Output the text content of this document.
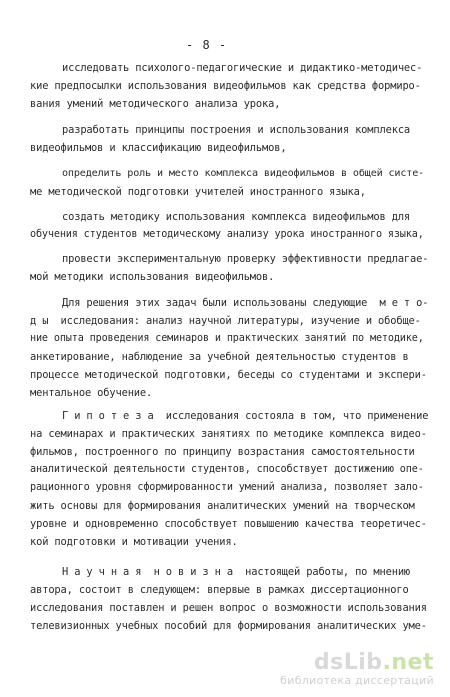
- 8 -
исследовать психолого-педагогические и дидактико-методичес-
кие предпосылки использования видеофильмов как средства формиро-
вания умений методического анализа урока,
разработать принципы построения и использования комплекса
видеофильмов и классификацию видеофильмов,
определить роль и место комплекса видеофильмов в общей систе-
ме методической подготовки учителей иностранного языка,
создать методику использования комплекса видеофильмов для
обучения студентов методическому анализу урока иностранного языка,
провести экспериментальную проверку эффективности предлагае-
мой методики использования видеофильмов.
Для решения этих задач были использованы следующие  м е т о-
д ы  исследования: анализ научной литературы, изучение и обобще-
ние опыта проведения семинаров и практических занятий по методике,
анкетирование, наблюдение за учебной деятельностью студентов в
процессе методической подготовки, беседы со студентами и экспери-
ментальное обучение.
Г и п о т е з а  исследования состояла в том, что применение
на семинарах и практических занятиях по методике комплекса видео-
фильмов, построенного по принципу возрастания самостоятельности
аналитической деятельности студентов, способствует достижению опе-
рационного уровня сформированности умений анализа, позволяет зало-
жить основы для формирования аналитических умений на творческом
уровне и одновременно способствует повышению качества теоретичес-
кой подготовки и мотивации учения.
Н а у ч н а я  н о в и з н а  настоящей работы, по мнению
автора, состоит в следующем: впервые в рамках диссертационного
исследования поставлен и решен вопрос о возможности использования
телевизионных учебных пособий для формирования аналитических уме-
dsLib.net
библиотека диссертаций
